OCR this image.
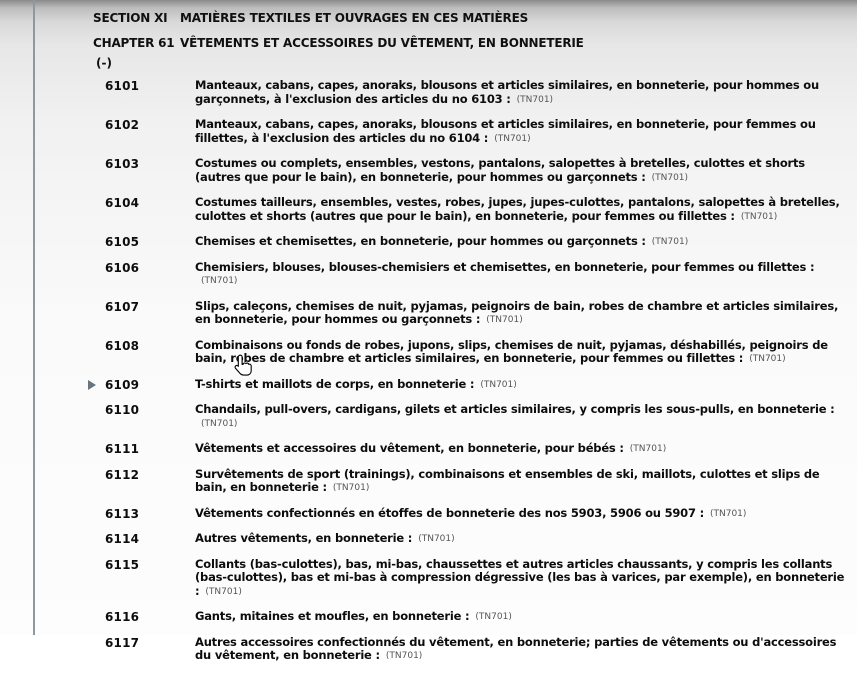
SECTION XI MATIÈRES TEXTILES ET OUVRAGES EN CES MATIÈRES
CHAPTER 61 VÊTEMENTS ET ACCESSOIRES DU VÊTEMENT, EN BONNETERIE
(-)
6101	Manteaux, cabans, capes, anoraks, blousons et articles similaires, en bonneterie, pour hommes ou garçonnets, à l'exclusion des articles du no 6103 : (TN701)
6102	Manteaux, cabans, capes, anoraks, blousons et articles similaires, en bonneterie, pour femmes ou fillettes, à l'exclusion des articles du no 6104 : (TN701)
6103	Costumes ou complets, ensembles, vestons, pantalons, salopettes à bretelles, culottes et shorts (autres que pour le bain), en bonneterie, pour hommes ou garçonnets : (TN701)
6104	Costumes tailleurs, ensembles, vestes, robes, jupes, jupes-culottes, pantalons, salopettes à bretelles, culottes et shorts (autres que pour le bain), en bonneterie, pour femmes ou fillettes : (TN701)
6105	Chemises et chemisettes, en bonneterie, pour hommes ou garçonnets : (TN701)
6106	Chemisiers, blouses, blouses-chemisiers et chemisettes, en bonneterie, pour femmes ou fillettes :(TN701)
6107	Slips, caleçons, chemises de nuit, pyjamas, peignoirs de bain, robes de chambre et articles similaires, en bonneterie, pour hommes ou garçonnets : (TN701)
6108	Combinaisons ou fonds de robes, jupons, slips, chemises de nuit, pyjamas, déshabillés, peignoirs de bain, robes de chambre et articles similaires, en bonneterie, pour femmes ou fillettes : (TN701)
6109	T-shirts et maillots de corps, en bonneterie : (TN701)
6110	Chandails, pull-overs, cardigans, gilets et articles similaires, y compris les sous-pulls, en bonneterie :(TN701)
6111	Vêtements et accessoires du vêtement, en bonneterie, pour bébés : (TN701)
6112	Survêtements de sport (trainings), combinaisons et ensembles de ski, maillots, culottes et slips de bain, en bonneterie : (TN701)
6113	Vêtements confectionnés en étoffes de bonneterie des nos 5903, 5906 ou 5907 : (TN701)
6114	Autres vêtements, en bonneterie : (TN701)
6115	Collants (bas-culottes), bas, mi-bas, chaussettes et autres articles chaussants, y compris les collants (bas-culottes), bas et mi-bas à compression dégressive (les bas à varices, par exemple), en bonneterie : (TN701)
6116	Gants, mitaines et moufles, en bonneterie : (TN701)
6117	Autres accessoires confectionnés du vêtement, en bonneterie; parties de vêtements ou d'accessoires du vêtement, en bonneterie : (TN701)
